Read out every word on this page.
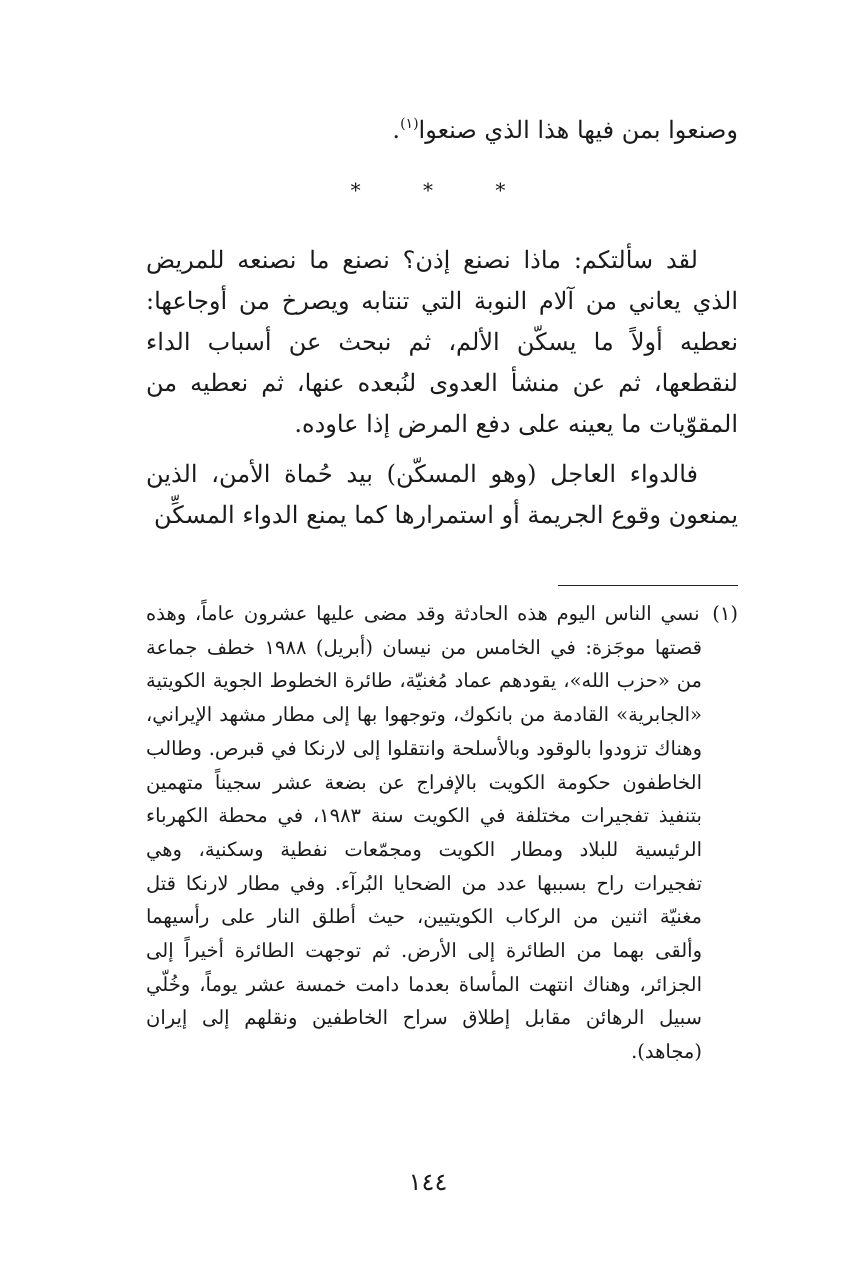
وصنعوا بمن فيها هذا الذي صنعوا$^{(١)}$.
* * *

لقد سألتكم: ماذا نصنع إذن؟ نصنع ما نصنعه للمريض الذي يعاني من آلام النوبة التي تنتابه ويصرخ من أوجاعها: نعطيه أولاً ما يسكّن الألم، ثم نبحث عن أسباب الداء لنقطعها، ثم عن منشأ العدوى لنُبعده عنها، ثم نعطيه من المقوّيات ما يعينه على دفع المرض إذا عاوده.

فالدواء العاجل (وهو المسكّن) بيد حُماة الأمن، الذين يمنعون وقوع الجريمة أو استمرارها كما يمنع الدواء المسكِّن

(١) نسي الناس اليوم هذه الحادثة وقد مضى عليها عشرون عاماً، وهذه قصتها موجَزة: في الخامس من نيسان (أبريل) ١٩٨٨ خطف جماعة من «حزب الله»، يقودهم عماد مُغنيّة، طائرة الخطوط الجوية الكويتية «الجابرية» القادمة من بانكوك، وتوجهوا بها إلى مطار مشهد الإيراني، وهناك تزودوا بالوقود وبالأسلحة وانتقلوا إلى لارنكا في قبرص. وطالب الخاطفون حكومة الكويت بالإفراج عن بضعة عشر سجيناً متهمين بتنفيذ تفجيرات مختلفة في الكويت سنة ١٩٨٣، في محطة الكهرباء الرئيسية للبلاد ومطار الكويت ومجمّعات نفطية وسكنية، وهي تفجيرات راح بسببها عدد من الضحايا البُرآء. وفي مطار لارنكا قتل مغنيّة اثنين من الركاب الكويتيين، حيث أطلق النار على رأسيهما وألقى بهما من الطائرة إلى الأرض. ثم توجهت الطائرة أخيراً إلى الجزائر، وهناك انتهت المأساة بعدما دامت خمسة عشر يوماً، وخُلّي سبيل الرهائن مقابل إطلاق سراح الخاطفين ونقلهم إلى إيران (مجاهد).
١٤٤
